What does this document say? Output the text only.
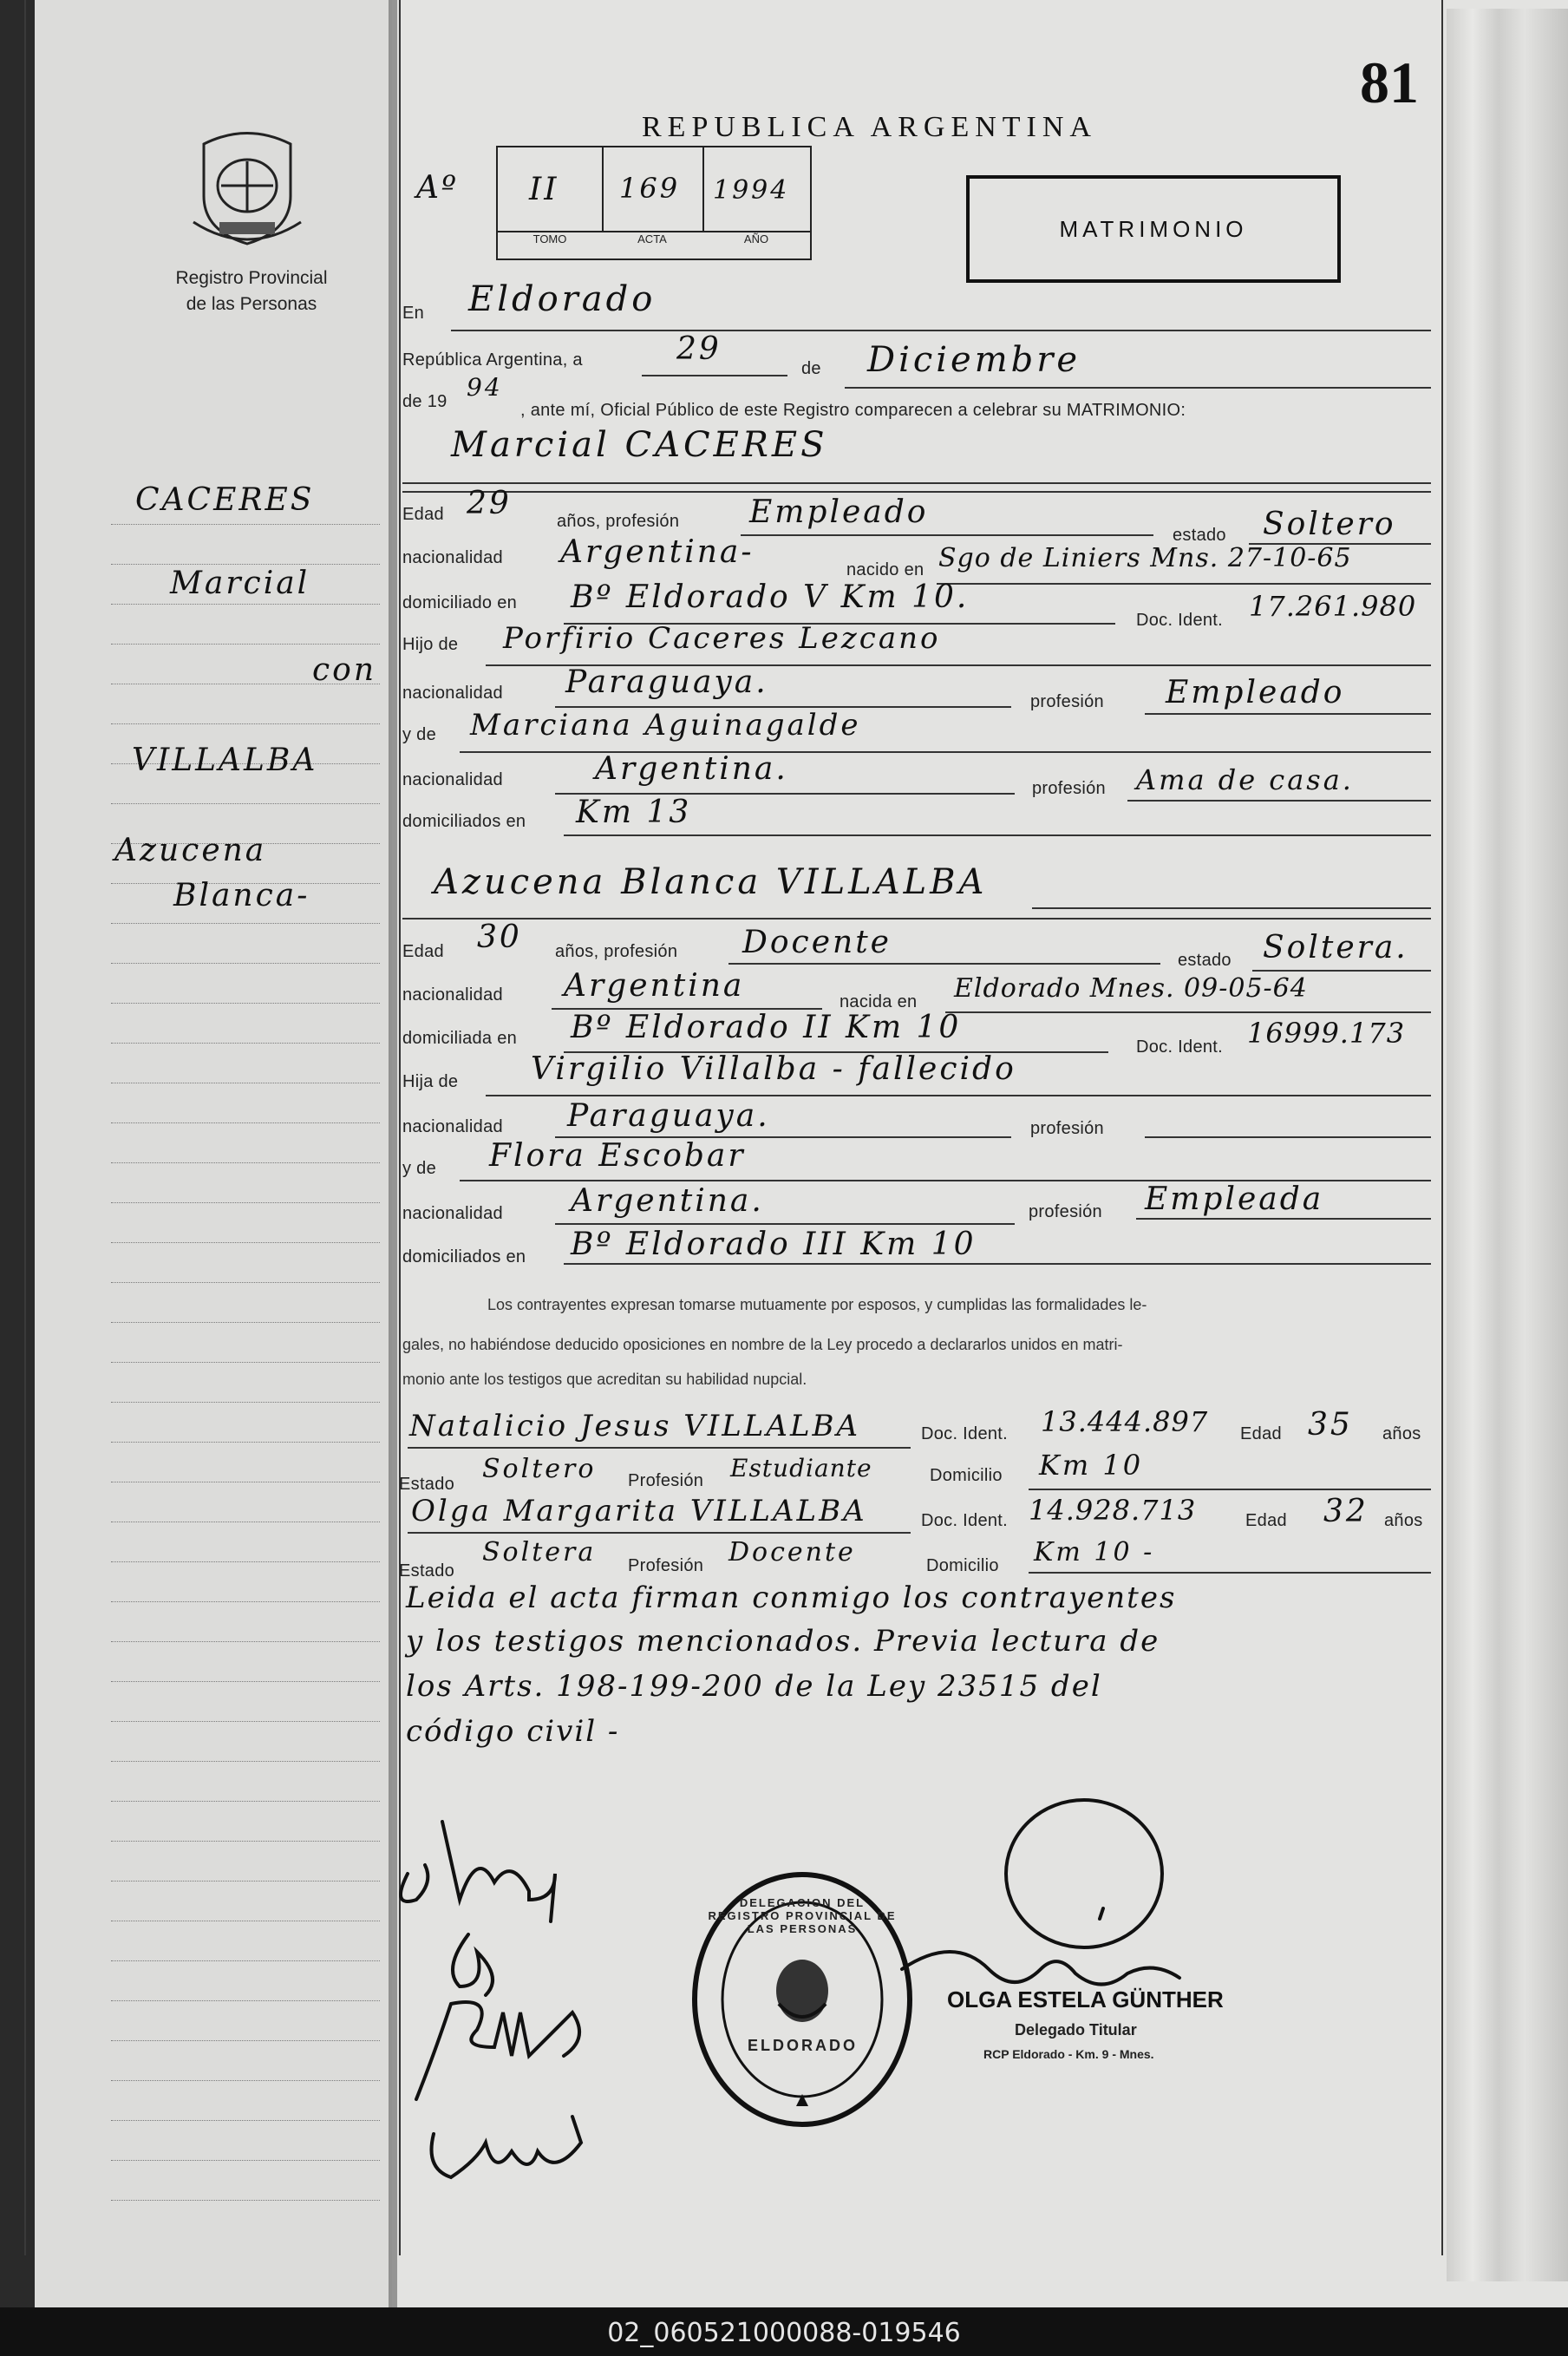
Registro Provincial
de las Personas
CACERES
Marcial
con
VILLALBA
Azucena
Blanca-
REPUBLICA ARGENTINA
81
MATRIMONIO
Aº II 169 1994
TOMO	ACTA	AÑO
En Eldorado
República Argentina, a	29
de Diciembre
de 19 94
, ante mí, Oficial Público de este Registro comparecen a celebrar su MATRIMONIO:
Marcial CACERES
Edad 29	años, profesión Empleado
estado Soltero
nacionalidad Argentina-	nacido en Sgo de Liniers Mns. 27-10-65
domiciliado en Bº Eldorado V Km 10.
Doc. Ident. 17.261.980
Hijo de Porfirio Caceres Lezcano
nacionalidad Paraguaya.
profesión Empleado
y de Marciana Aguinagalde
nacionalidad	Argentina.
profesión Ama de casa.
domiciliados en Km 13
Azucena Blanca VILLALBA
Edad 30 años, profesión Docente	estado Soltera.
nacionalidad Argentina	nacida en Eldorado Mnes. 09-05-64
domiciliada en Bº Eldorado II Km 10
Doc. Ident. 16999.173
Hija de Virgilio Villalba - fallecido
nacionalidad Paraguaya.	profesión
y de Flora Escobar
nacionalidad Argentina.	profesión Empleada
domiciliados en Bº Eldorado III Km 10
Los contrayentes expresan tomarse mutuamente por esposos, y cumplidas las formalidades le-
gales, no habiéndose deducido oposiciones en nombre de la Ley procedo a declararlos unidos en matri-
monio ante los testigos que acreditan su habilidad nupcial.
Natalicio Jesus VILLALBA	Doc. Ident. 13.444.897 Edad 35 años
Estado Soltero Profesión Estudiante	Domicilio Km 10
Olga Margarita VILLALBA	Doc. Ident. 14.928.713	Edad 32 años
Estado
Soltera Profesión Docente	Domicilio Km 10 -
Leida el acta firman conmigo los contrayentes
y los testigos mencionados. Previa lectura de
los Arts. 198-199-200 de la Ley 23515 del
código civil -
DELEGACION DEL REGISTRO PROVINCIAL DE LAS PERSONAS
ELDORADO
OLGA ESTELA GÜNTHER
Delegado Titular
RCP Eldorado - Km. 9 - Mnes.
02_060521000088-019546
